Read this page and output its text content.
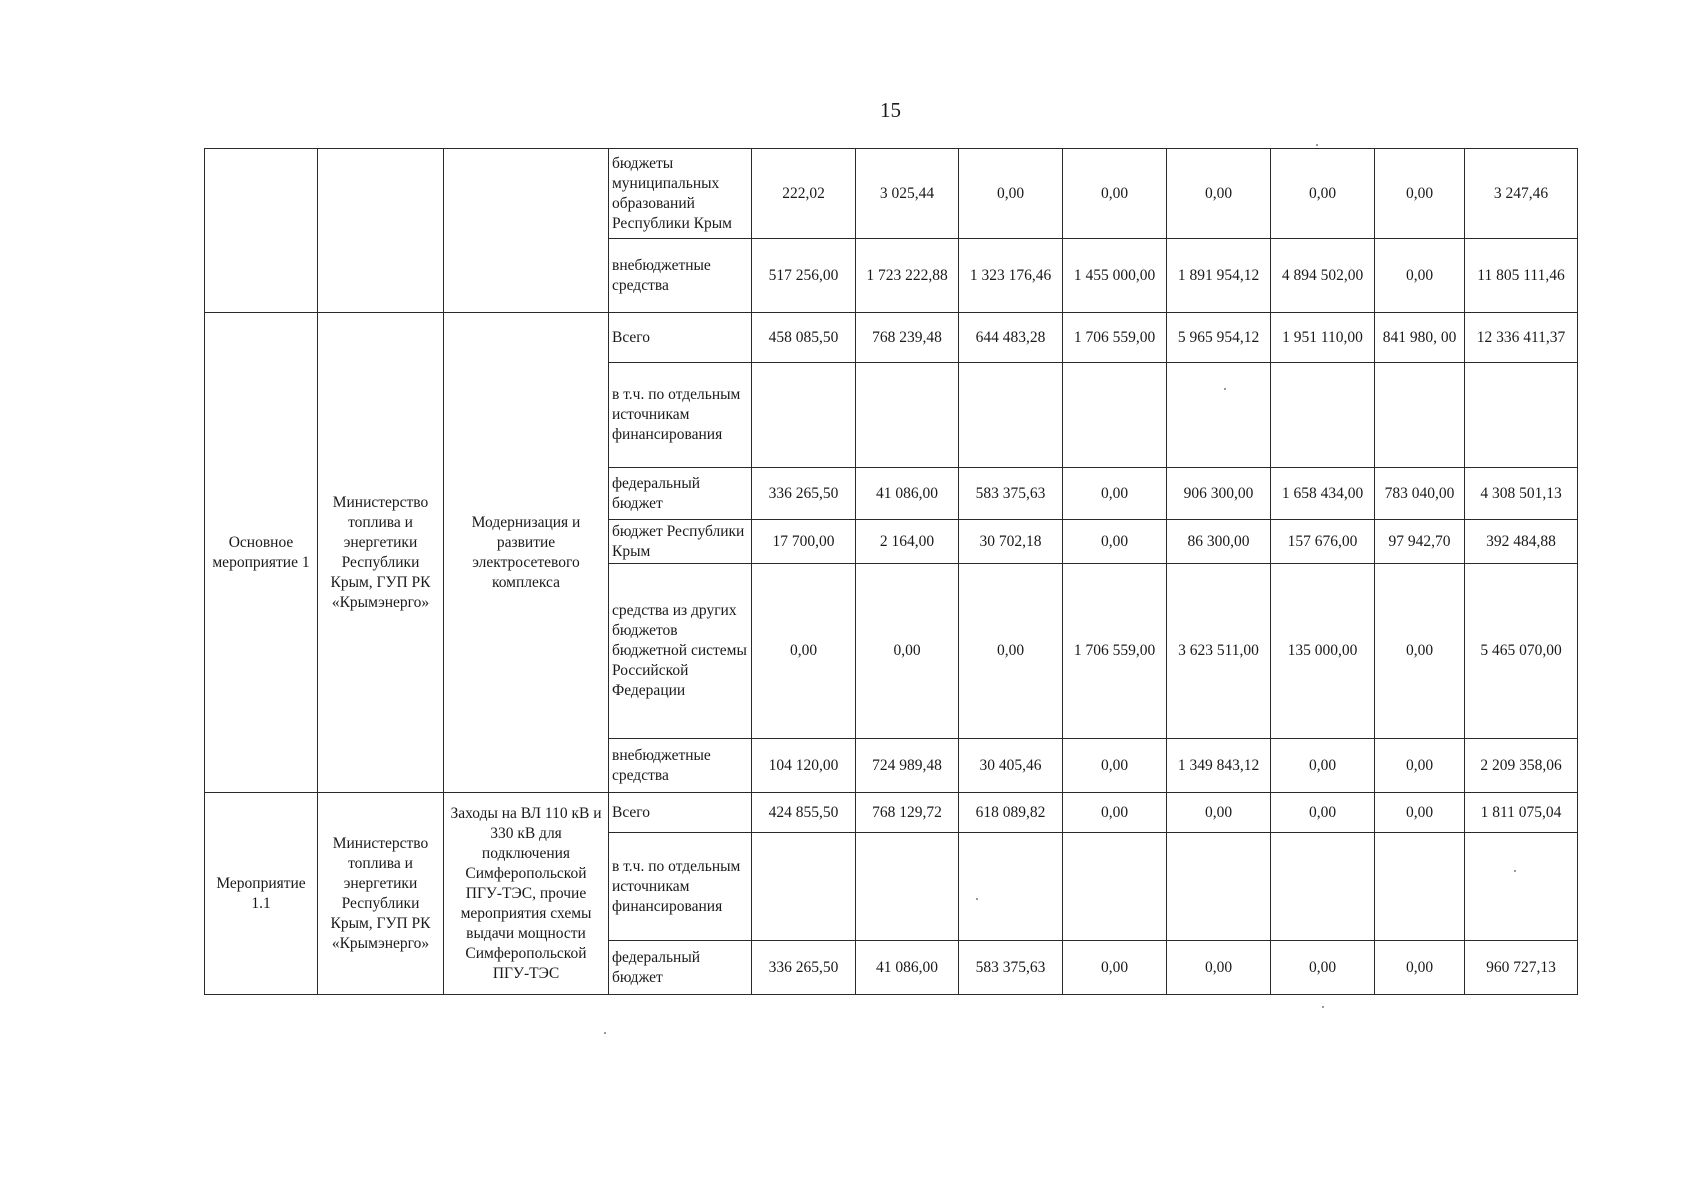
15
			бюджеты муниципальных образований Республики Крым	222,02	3 025,44	0,00	0,00	0,00	0,00	0,00	3 247,46
			внебюджетные средства	517 256,00	1 723 222,88	1 323 176,46	1 455 000,00	1 891 954,12	4 894 502,00	0,00	11 805 111,46
Основное мероприятие 1	Министерство топлива и энергетики Республики Крым, ГУП РК «Крымэнерго»	Модернизация и развитие электросетевого комплекса	Всего	458 085,50	768 239,48	644 483,28	1 706 559,00	5 965 954,12	1 951 110,00	841 980, 00	12 336 411,37
			в т.ч. по отдельным источникам финансирования								
			федеральный бюджет	336 265,50	41 086,00	583 375,63	0,00	906 300,00	1 658 434,00	783 040,00	4 308 501,13
			бюджет Республики Крым	17 700,00	2 164,00	30 702,18	0,00	86 300,00	157 676,00	97 942,70	392 484,88
			средства из других бюджетов бюджетной системы Российской Федерации	0,00	0,00	0,00	1 706 559,00	3 623 511,00	135 000,00	0,00	5 465 070,00
			внебюджетные средства	104 120,00	724 989,48	30 405,46	0,00	1 349 843,12	0,00	0,00	2 209 358,06
Мероприятие 1.1	Министерство топлива и энергетики Республики Крым, ГУП РК «Крымэнерго»	Заходы на ВЛ 110 кВ и 330 кВ для подключения Симферопольской ПГУ-ТЭС, прочие мероприятия схемы выдачи мощности Симферопольской ПГУ-ТЭС	Всего	424 855,50	768 129,72	618 089,82	0,00	0,00	0,00	0,00	1 811 075,04
			в т.ч. по отдельным источникам финансирования								
			федеральный бюджет	336 265,50	41 086,00	583 375,63	0,00	0,00	0,00	0,00	960 727,13
